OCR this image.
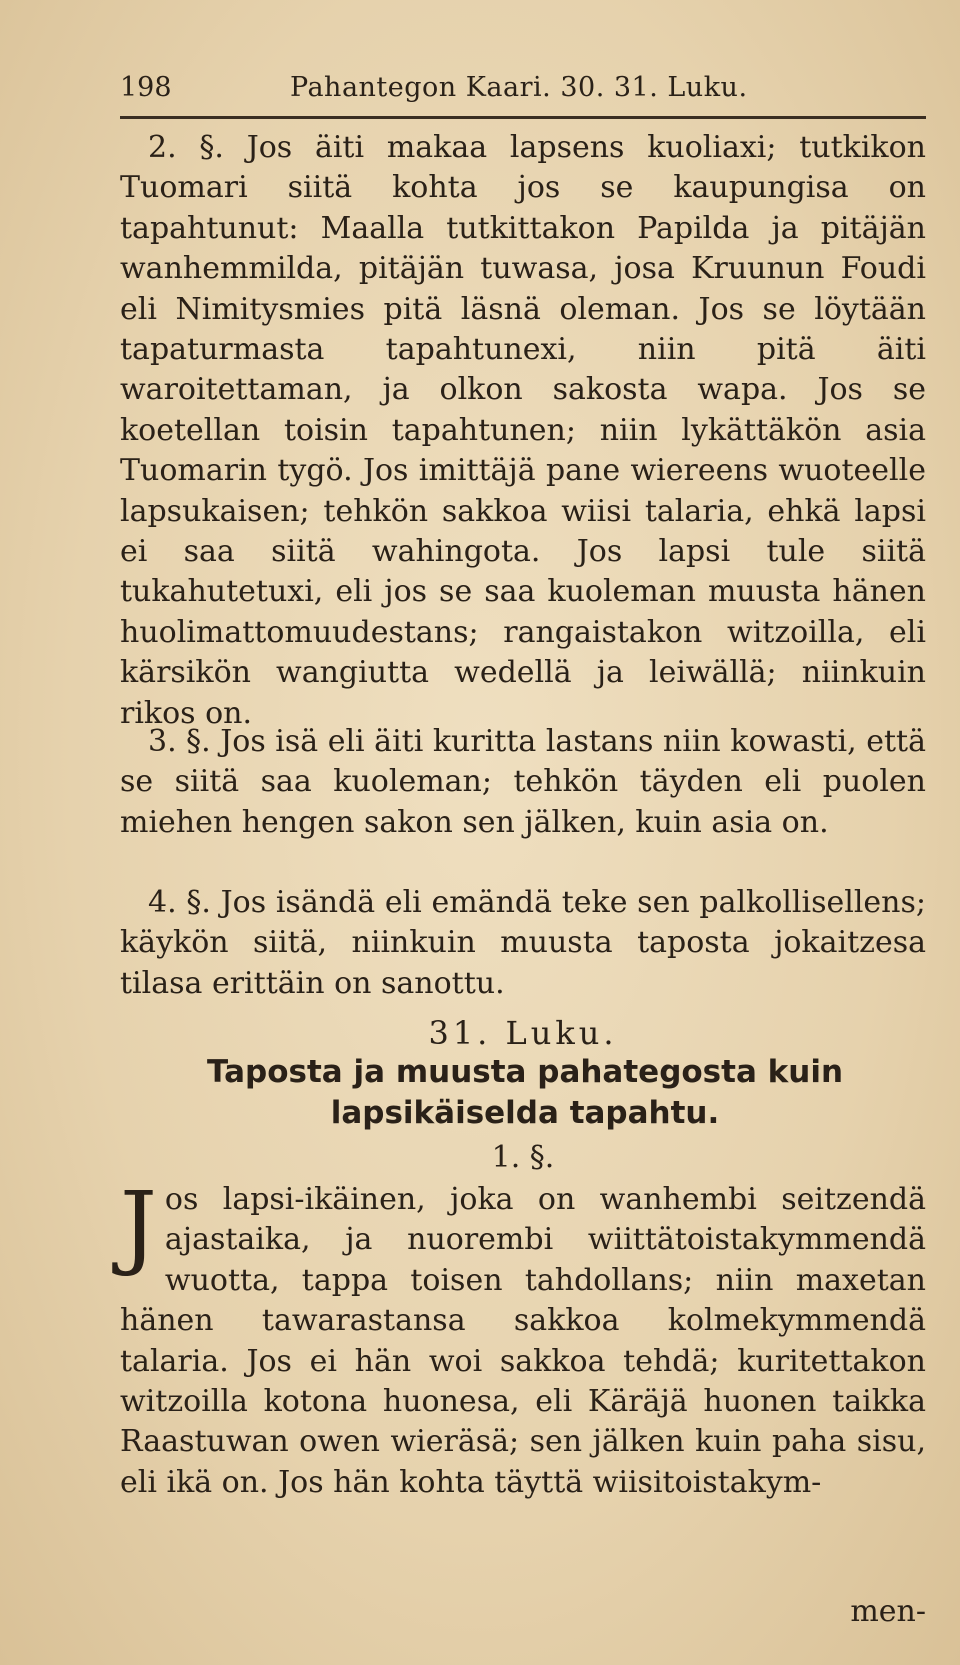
198	Pahantegon Kaari. 30. 31. Luku.
2. §. Jos äiti makaa lapsens kuoliaxi; tutkikon Tuomari siitä kohta jos se kaupungisa on tapahtunut: Maalla tutkittakon Papilda ja pitäjän wanhemmilda, pitäjän tuwasa, josa Kruunun Foudi eli Nimitysmies pitä läsnä oleman. Jos se löytään tapaturmasta tapahtunexi, niin pitä äiti waroitettaman, ja olkon sakosta wapa. Jos se koetellan toisin tapahtunen; niin lykättäkön asia Tuomarin tygö. Jos imittäjä pane wiereens wuoteelle lapsukaisen; tehkön sakkoa wiisi talaria, ehkä lapsi ei saa siitä wahingota. Jos lapsi tule siitä tukahutetuxi, eli jos se saa kuoleman muusta hänen huolimattomuudestans; rangaistakon witzoilla, eli kärsikön wangiutta wedellä ja leiwällä; niinkuin rikos on.
3. §. Jos isä eli äiti kuritta lastans niin kowasti, että se siitä saa kuoleman; tehkön täyden eli puolen miehen hengen sakon sen jälken, kuin asia on.
4. §. Jos isändä eli emändä teke sen palkollisellens; käykön siitä, niinkuin muusta taposta jokaitzesa tilasa erittäin on sanottu.
31. Luku.
Taposta ja muusta pahategosta kuin lapsikäiselda tapahtu.
1. §.
Jos lapsi-ikäinen, joka on wanhembi seitzendä ajastaika, ja nuorembi wiittätoistakymmendä wuotta, tappa toisen tahdollans; niin maxetan hänen tawarastansa sakkoa kolmekymmendä talaria. Jos ei hän woi sakkoa tehdä; kuritettakon witzoilla kotona huonesa, eli Käräjä huonen taikka Raastuwan owen wieräsä; sen jälken kuin paha sisu, eli ikä on. Jos hän kohta täyttä wiisitoistakym-
men-
